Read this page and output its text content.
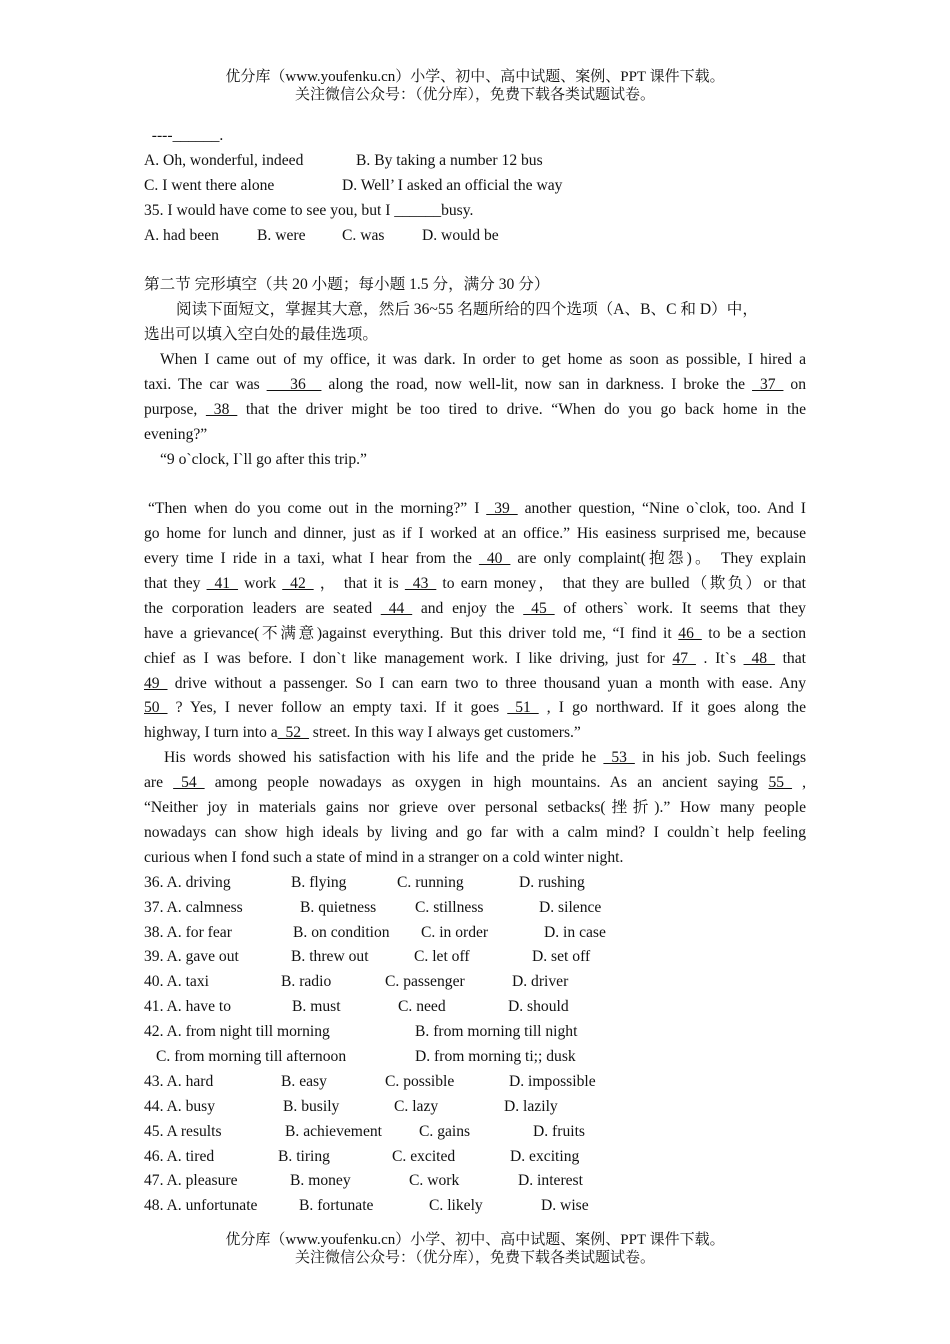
优分库（www.youfenku.cn）小学、初中、高中试题、案例、PPT 课件下载。
关注微信公众号：（优分库），免费下载各类试题试卷。
----______.
A. Oh, wonderful, indeed	B. By taking a number 12 bus
C. I went there alone	D. Well’ I asked an official the way
35. I would have come to see you, but I ______busy.
A. had been B. were C. was D. would be
第二节 完形填空（共 20 小题；每小题 1.5 分，满分 30 分）
阅读下面短文，掌握其大意，然后 36~55 名题所给的四个选项（A、B、C 和 D）中，
选出可以填入空白处的最佳选项。
When I came out of my office, it was dark. In order to get home as soon as possible, I hired a
taxi. The car was ___36__ along the road, now well-lit, now san in darkness. I broke the _37_ on
purpose, _38_ that the driver might be too tired to drive. “When do you go back home in the
evening?”
“9 o`clock, I`ll go after this trip.”
“Then when do you come out in the morning?” I _39_ another question, “Nine o`clok, too. And I
go home for lunch and dinner, just as if I worked at an office.” His easiness surprised me, because
every time I ride in a taxi, what I hear from the _40_ are only complaint(抱怨)。 They explain
that they _41_ work _42_ ， that it is _43_ to earn money， that they are bulled（欺负）or that
the corporation leaders are seated _44_ and enjoy the _45_ of others` work. It seems that they
have a grievance(不满意)against everything. But this driver told me, “I find it 46_ to be a section
chief as I was before. I don`t like management work. I like driving, just for 47_ . It`s _48_ that
49_ drive without a passenger. So I can earn two to three thousand yuan a month with ease. Any
50_ ? Yes, I never follow an empty taxi. If it goes _51_ , I go northward. If it goes along the
highway, I turn into a_52_ street. In this way I always get customers.”
His words showed his satisfaction with his life and the pride he _53_ in his job. Such feelings
are _54_ among people nowadays as oxygen in high mountains. As an ancient saying 55_ ,
“Neither joy in materials gains nor grieve over personal setbacks(挫折).” How many people
nowadays can show high ideals by living and go far with a calm mind? I couldn`t help feeling
curious when I fond such a state of mind in a stranger on a cold winter night.
36. A. driving	B. flying	C. running	D. rushing
37. A. calmness	B. quietness C. stillness	D. silence
38. A. for fear	B. on condition C. in order	D. in case
39. A. gave out	B. threw out	C. let off	D. set off
40. A. taxi	B. radio	C. passenger	D. driver
41. A. have to	B. must	C. need	D. should
42. A. from night till morning	B. from morning till night
C. from morning till afternoon	D. from morning ti;; dusk
43. A. hard	B. easy	C. possible	D. impossible
44. A. busy	B. busily	C. lazy	D. lazily
45. A results	B. achievement C. gains	D. fruits
46. A. tired	B. tiring	C. excited	D. exciting
47. A. pleasure	B. money	C. work	D. interest
48. A. unfortunate	B. fortunate	C. likely	D. wise
优分库（www.youfenku.cn）小学、初中、高中试题、案例、PPT 课件下载。
关注微信公众号：（优分库），免费下载各类试题试卷。
